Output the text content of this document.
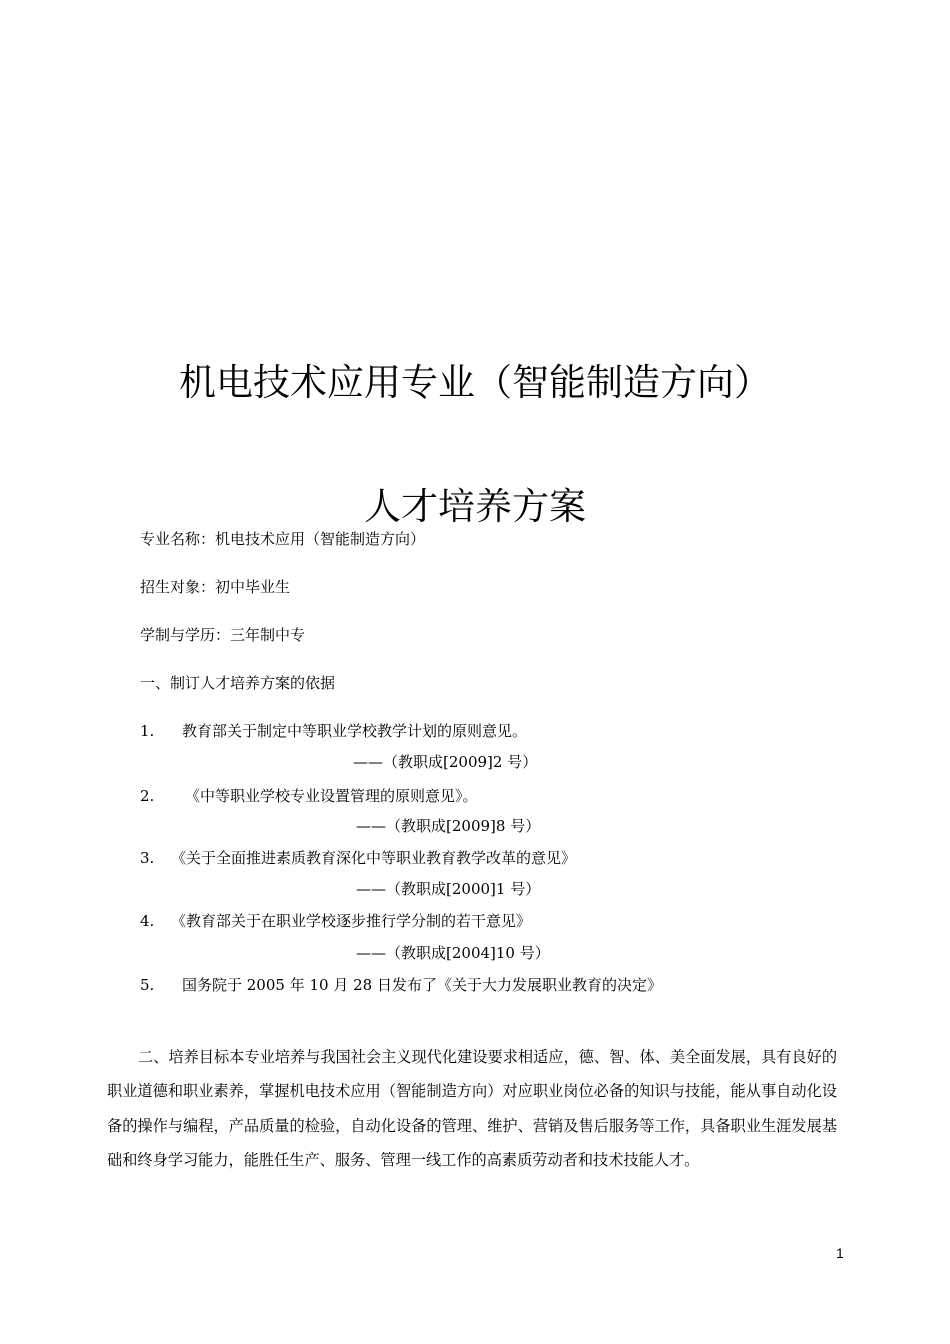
机电技术应用专业（智能制造方向）
人才培养方案
专业名称：机电技术应用（智能制造方向）
招生对象：初中毕业生
学制与学历：三年制中专
一、制订人才培养方案的依据
1. 教育部关于制定中等职业学校教学计划的原则意见。
——（教职成[2009]2 号）
2. 《中等职业学校专业设置管理的原则意见》。
——（教职成[2009]8 号）
3. 《关于全面推进素质教育深化中等职业教育教学改革的意见》
——（教职成[2000]1 号）
4. 《教育部关于在职业学校逐步推行学分制的若干意见》
——（教职成[2004]10 号）
5. 国务院于 2005 年 10 月 28 日发布了《关于大力发展职业教育的决定》
二、培养目标本专业培养与我国社会主义现代化建设要求相适应，德、智、体、美全面发展，具有良好的职业道德和职业素养，掌握机电技术应用（智能制造方向）对应职业岗位必备的知识与技能，能从事自动化设备的操作与编程，产品质量的检验，自动化设备的管理、维护、营销及售后服务等工作，具备职业生涯发展基础和终身学习能力，能胜任生产、服务、管理一线工作的高素质劳动者和技术技能人才。
1
